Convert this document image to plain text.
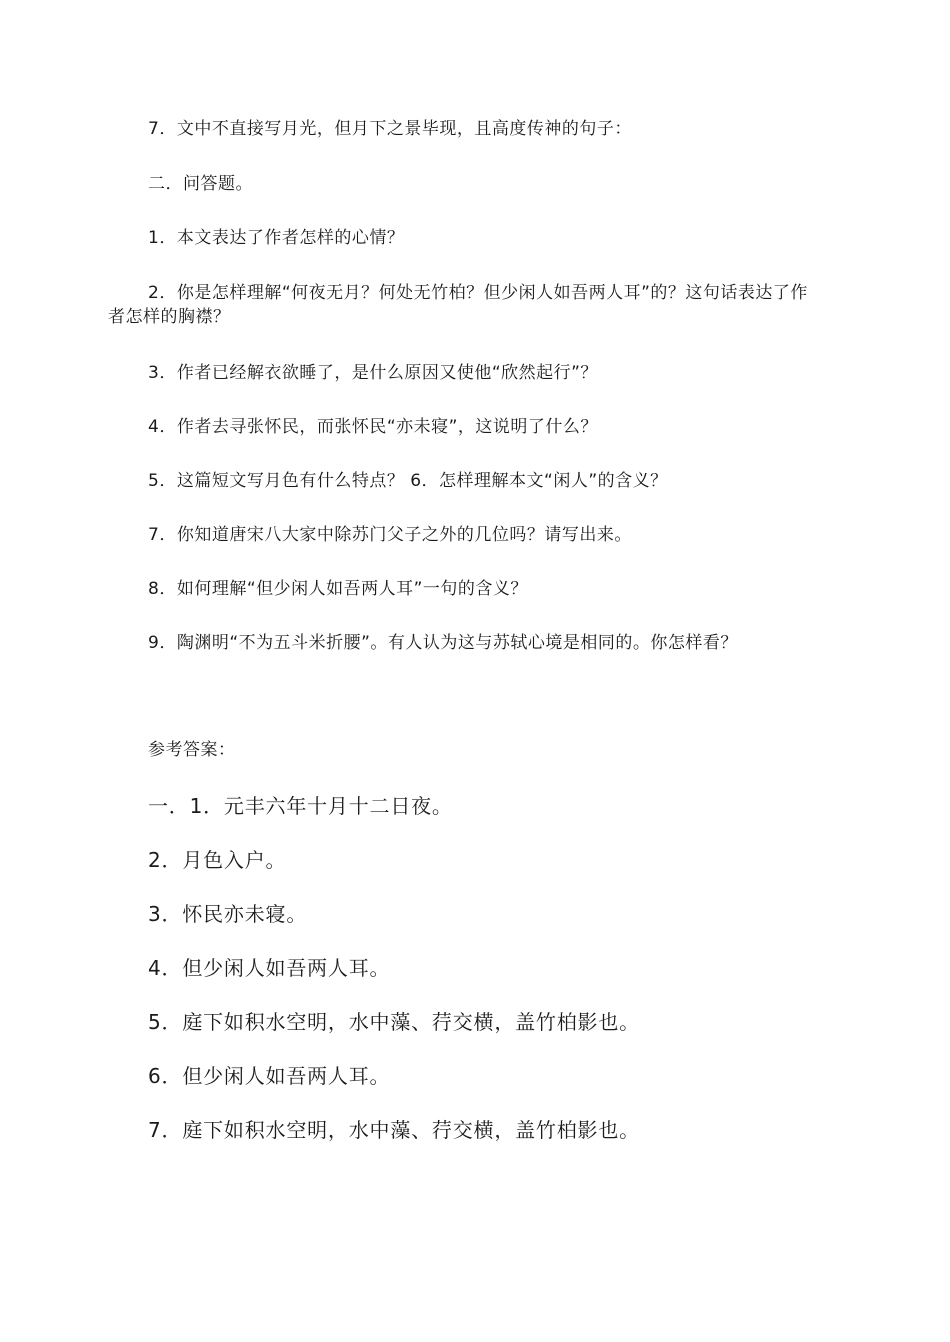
7．文中不直接写月光，但月下之景毕现，且高度传神的句子：
二．问答题。
1．本文表达了作者怎样的心情？
2．你是怎样理解“何夜无月？何处无竹柏？但少闲人如吾两人耳”的？这句话表达了作者怎样的胸襟？
3．作者已经解衣欲睡了，是什么原因又使他“欣然起行”？
4．作者去寻张怀民，而张怀民“亦未寝”，这说明了什么？
5．这篇短文写月色有什么特点？ 6．怎样理解本文“闲人”的含义？
7．你知道唐宋八大家中除苏门父子之外的几位吗？请写出来。
8．如何理解“但少闲人如吾两人耳”一句的含义？
9．陶渊明“不为五斗米折腰”。有人认为这与苏轼心境是相同的。你怎样看？
参考答案：
一．1．元丰六年十月十二日夜。
2．月色入户。
3．怀民亦未寝。
4．但少闲人如吾两人耳。
5．庭下如积水空明，水中藻、荇交横，盖竹柏影也。
6．但少闲人如吾两人耳。
7．庭下如积水空明，水中藻、荇交横，盖竹柏影也。
